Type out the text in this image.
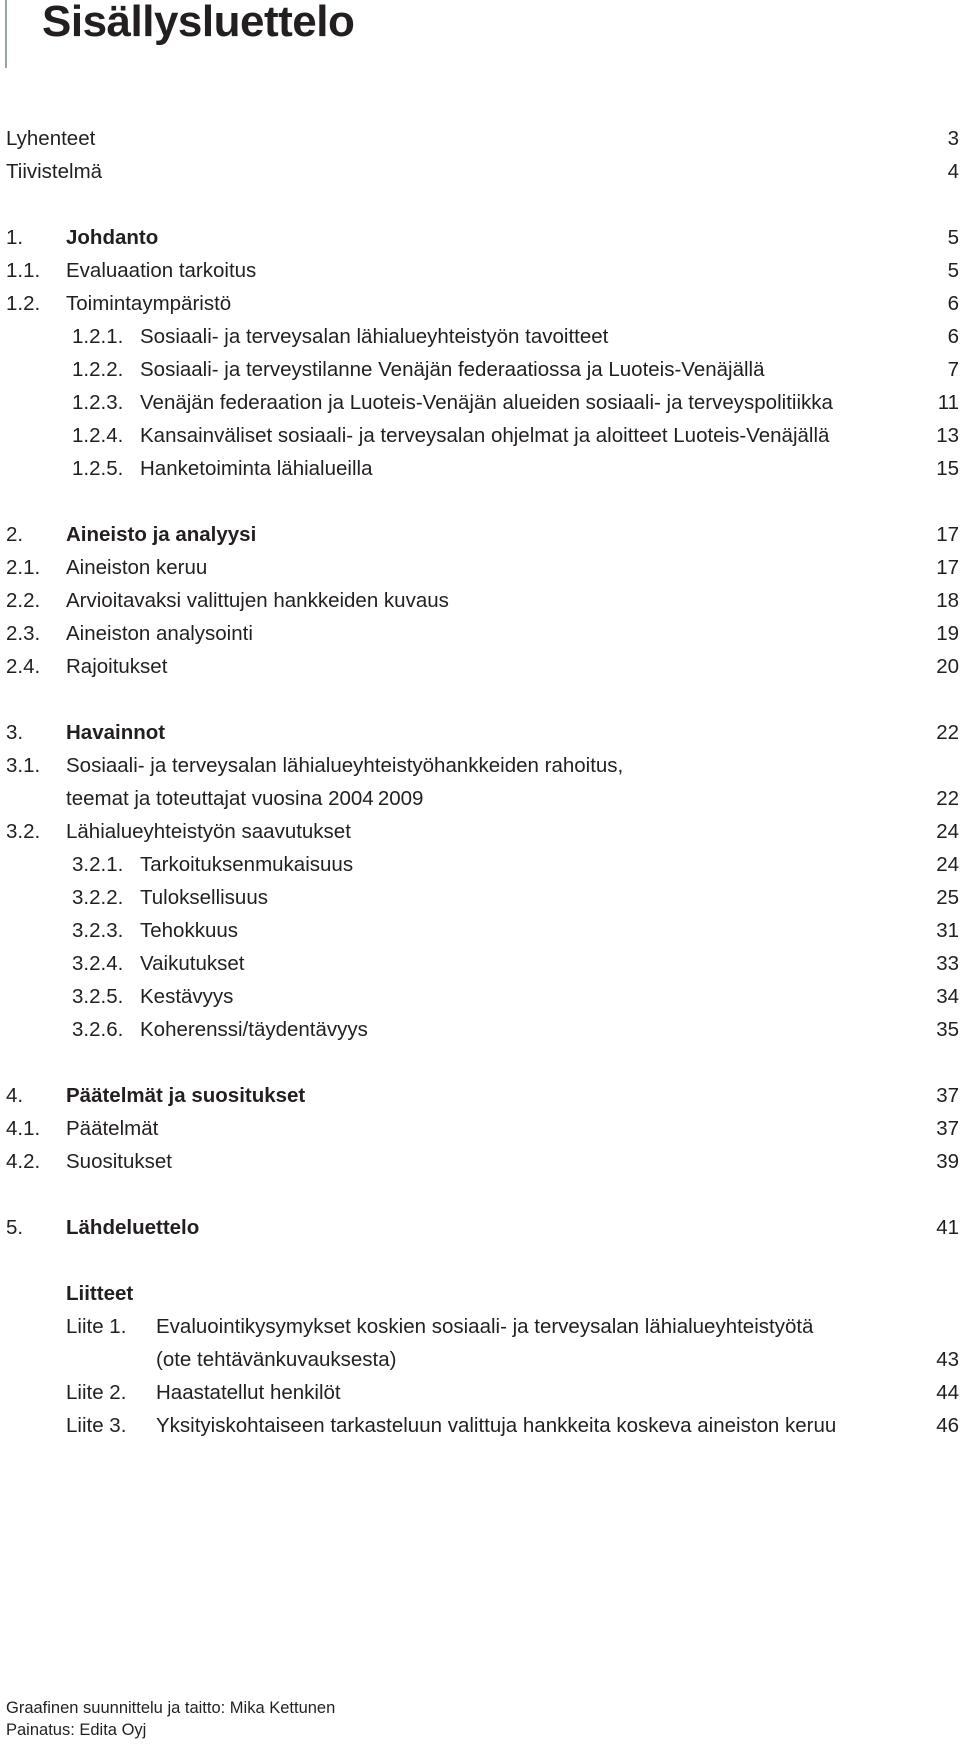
Sisällysluettelo
Lyhenteet	3
Tiivistelmä	4
1. Johdanto	5
1.1. Evaluaation tarkoitus	5
1.2. Toimintaympäristö	6
1.2.1. Sosiaali- ja terveysalan lähialueyhteistyön tavoitteet	6
1.2.2. Sosiaali- ja terveystilanne Venäjän federaatiossa ja Luoteis-Venäjällä	7
1.2.3. Venäjän federaation ja Luoteis-Venäjän alueiden sosiaali- ja terveyspolitiikka	11
1.2.4. Kansainväliset sosiaali- ja terveysalan ohjelmat ja aloitteet Luoteis-Venäjällä	13
1.2.5. Hanketoiminta lähialueilla	15
2. Aineisto ja analyysi	17
2.1. Aineiston keruu	17
2.2. Arvioitavaksi valittujen hankkeiden kuvaus	18
2.3. Aineiston analysointi	19
2.4. Rajoitukset	20
3. Havainnot	22
3.1. Sosiaali- ja terveysalan lähialueyhteistyöhankkeiden rahoitus,
teemat ja toteuttajat vuosina 2004 2009	22
3.2. Lähialueyhteistyön saavutukset	24
3.2.1. Tarkoituksenmukaisuus	24
3.2.2. Tuloksellisuus	25
3.2.3. Tehokkuus	31
3.2.4. Vaikutukset	33
3.2.5. Kestävyys	34
3.2.6. Koherenssi/täydentävyys	35
4. Päätelmät ja suositukset	37
4.1. Päätelmät	37
4.2. Suositukset	39
5. Lähdeluettelo	41
Liitteet
Liite 1. Evaluointikysymykset koskien sosiaali- ja terveysalan lähialueyhteistyötä
(ote tehtävänkuvauksesta)	43
Liite 2. Haastatellut henkilöt	44
Liite 3. Yksityiskohtaiseen tarkasteluun valittuja hankkeita koskeva aineiston keruu	46
Graafinen suunnittelu ja taitto: Mika Kettunen
Painatus: Edita Oyj
